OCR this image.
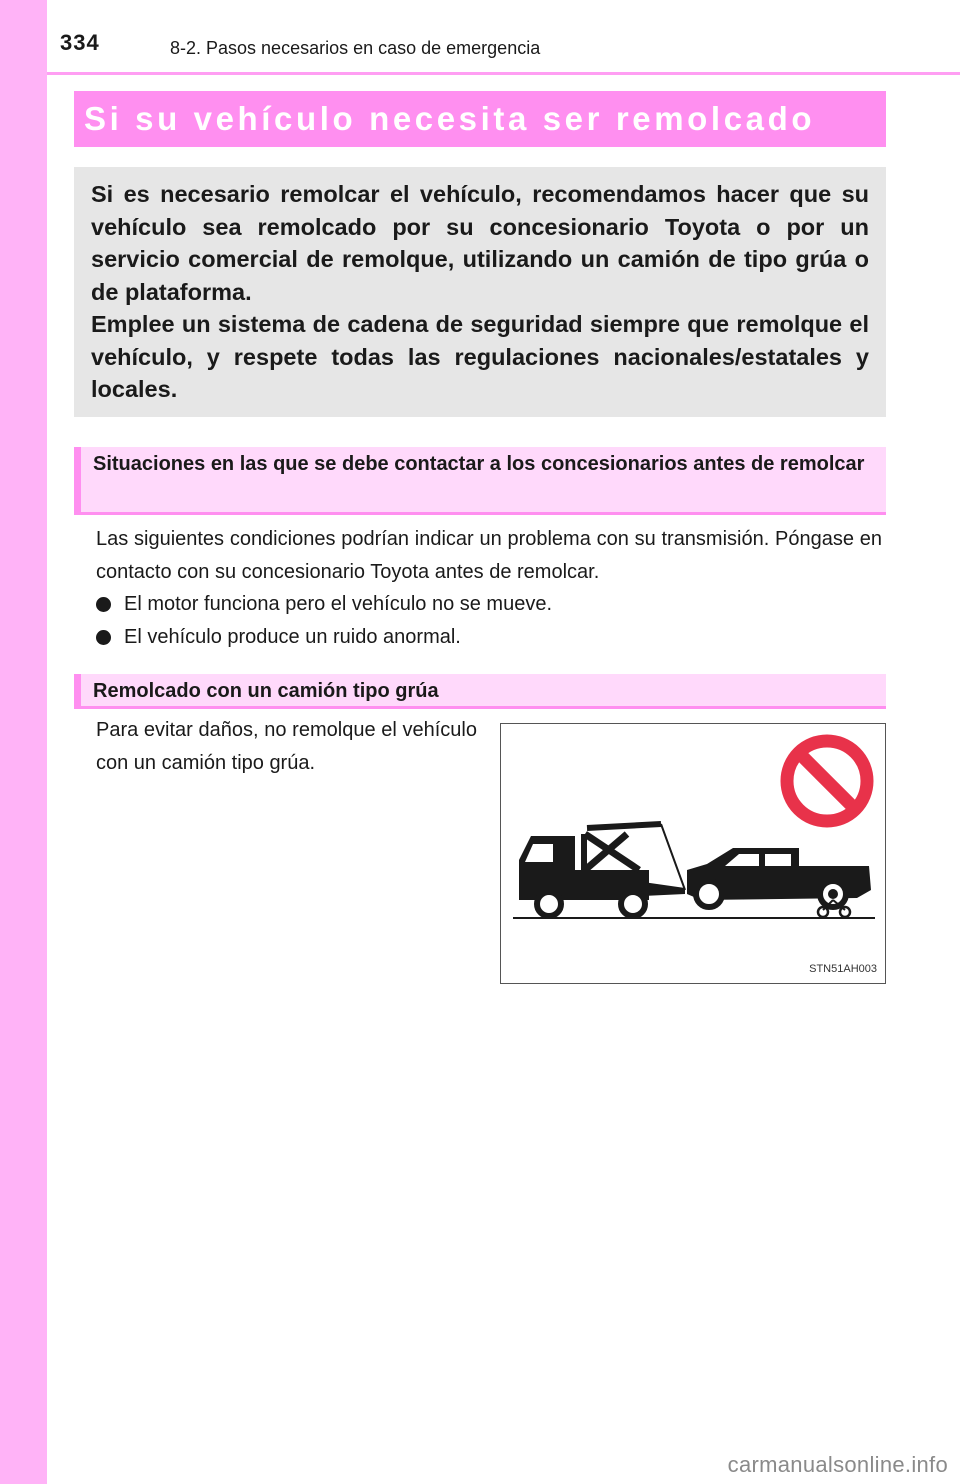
334	8-2. Pasos necesarios en caso de emergencia
Si su vehículo necesita ser remolcado

Si es necesario remolcar el vehículo, recomendamos hacer que su vehículo sea remolcado por su concesionario Toyota o por un servicio comercial de remolque, utilizando un camión de tipo grúa o de plataforma.

Emplee un sistema de cadena de seguridad siempre que remolque el vehículo, y respete todas las regulaciones nacionales/estatales y locales.

Situaciones en las que se debe contactar a los concesionarios antes de remolcar
Las siguientes condiciones podrían indicar un problema con su transmisión. Póngase en contacto con su concesionario Toyota antes de remolcar.
El motor funciona pero el vehículo no se mueve.
El vehículo produce un ruido anormal.
Remolcado con un camión tipo grúa
Para evitar daños, no remolque el vehículo con un camión tipo grúa.
STN51AH003
carmanualsonline.info
